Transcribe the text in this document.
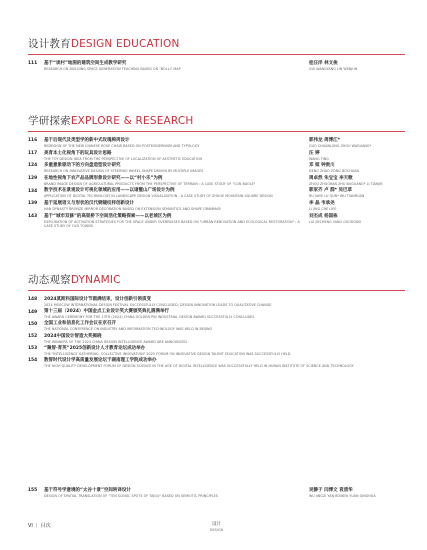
设计教育DESIGN EDUCATION
111	基于“读村”地图的建筑空间生成教学研究
RESEARCH ON BUILDING SPACE GENERATION TEACHING BASED ON "NOLLI" MAP
桂汪洋 林文俊
GUI WANGYANG LIN WENJUN
学研探索EXPLORE & RESEARCH
116	基于后现代及类型学的新中式玫瑰椅再设计
REDESIGN OF THE NEW CHINESE ROSE CHAIR BASED ON POSTMODERNISM AND TYPOLOGY
郭伟龙 周博江*
GUO CHUANLONG ZHOU WAGUANG*
117	美育本土化视角下的玩具设计思路
THE TOY DESIGN IDEA FROM THE PERSPECTIVE OF LOCALIZATION OF AESTHETIC EDUCATION
汪 婷
WANG TING
124	多重意象驱动下的方向盘造型设计研究
RESEARCH ON INNOVATIVE DESIGN OF STEERING WHEEL SHAPE DRIVEN BY MULTIPLE IMAGES
邓 姮 钟贵川
DENG ZHAO ZONG BOCHUAN
129	在地性视角下农产品品牌形象设计研究——以“村小乐”为例
BRAND IMAGE DESIGN OF AGRICULTURAL PRODUCTS FROM THE PERSPECTIVE OF TERRAIN : A CASE STUDY OF "CUN BAOLE"
周卓然 朱宝宝 李天歌
ZHOU ZHUORAN ZHU BUGUANG* LI TIANJIE
134	数字技术在景观设计可视化领域的应用——以诸暨山广场设计为例
APPLICATION OF DIGITAL TECHNOLOGY IN LANDSCAPE DESIGN VISUALIZATION - A CASE STUDY OF ZHUGE MOUNTAIN SQUARE DESIGN
郭家齐 卢 群* 吴巴草
RU JIAYE LU QUN* WU TIANRUAN
139	基于延展语义与形状的汉代铜镜纹样创新设计
HAN DYNASTY BRONZE MIRROR DECORATION BASED ON EXTENSION SEMANTICS AND SHAPE GRAMMAR
李 晶 韦承尧
LI JING CHE LIEE
143	基于“城市双修”的高架桥下空间活化策略探索——以老城区为例
EXPLORATION OF ACTIVATION STRATEGIES FOR THE SPACE UNDER OVERPASSES BASED ON "URBAN RENOVATION AND ECOLOGICAL RESTORATION" : A CASE STUDY OF OLD TOWNS
刘杰成 杨国栋
LIU JIECHENG YANG GUODONG
动态观察DYNAMIC
148	2024莫斯科国际设计节圆满结束，设计创新引领质变
2024 MOSCOW INTERNATIONAL DESIGN FESTIVAL SUCCESSFULLY CONCLUDED; DESIGN INNOVATION LEADS TO QUALITATIVE CHANGE
149	第十三届（2024）中国金点工业设计奖大赛颁奖典礼圆满举行
THE AWARD CEREMONY FOR THE 13TH (2024) CHINA GOLDEN PIN INDUSTRIAL DESIGN AWARD SUCCESSFULLY CONCLUDES
150	全国工业和信息化工作会议在京召开
THE NATIONAL CONFERENCE ON INDUSTRY AND INFORMATION TECHNOLOGY WAS HELD IN BEIJING
152	2024中国设计智造大奖揭晓
THE WINNERS OF THE 2024 CHINA DESIGN INTELLIGENCE AWARD ARE ANNOUNCED
153	“聚智·育英”2025创新设计人才教育论坛成功举办
THE "INTELLIGENCE GATHERING, COLLECTIVE INNOVATION" 2025 FORUM ON INNOVATIVE DESIGN TALENT EDUCATION WAS SUCCESSFULLY HELD
154	数智时代设计学高质量发展论坛于湖南理工学院成功举办
THE HIGH QUALITY DEVELOPMENT FORUM OF DESIGN SCIENCE IN THE AGE OF DIGITAL INTELLIGENCE WAS SUCCESSFULLY HELD IN HUNAN INSTITUTE OF SCIENCE AND TECHNOLOGY
155	基于符号学意境的“太谷十景”空间转译设计
DESIGN OF SPATIAL TRANSLATION OF "TEN SCENIC SPOTS OF TAIGU" BASED ON SEMIOTIC PRINCIPLES
吴静子 闫博文 袁清华
WU JINGZI YAN BOWEN YUAN QINGHUA
VI | 目次	设计
DESIGN
